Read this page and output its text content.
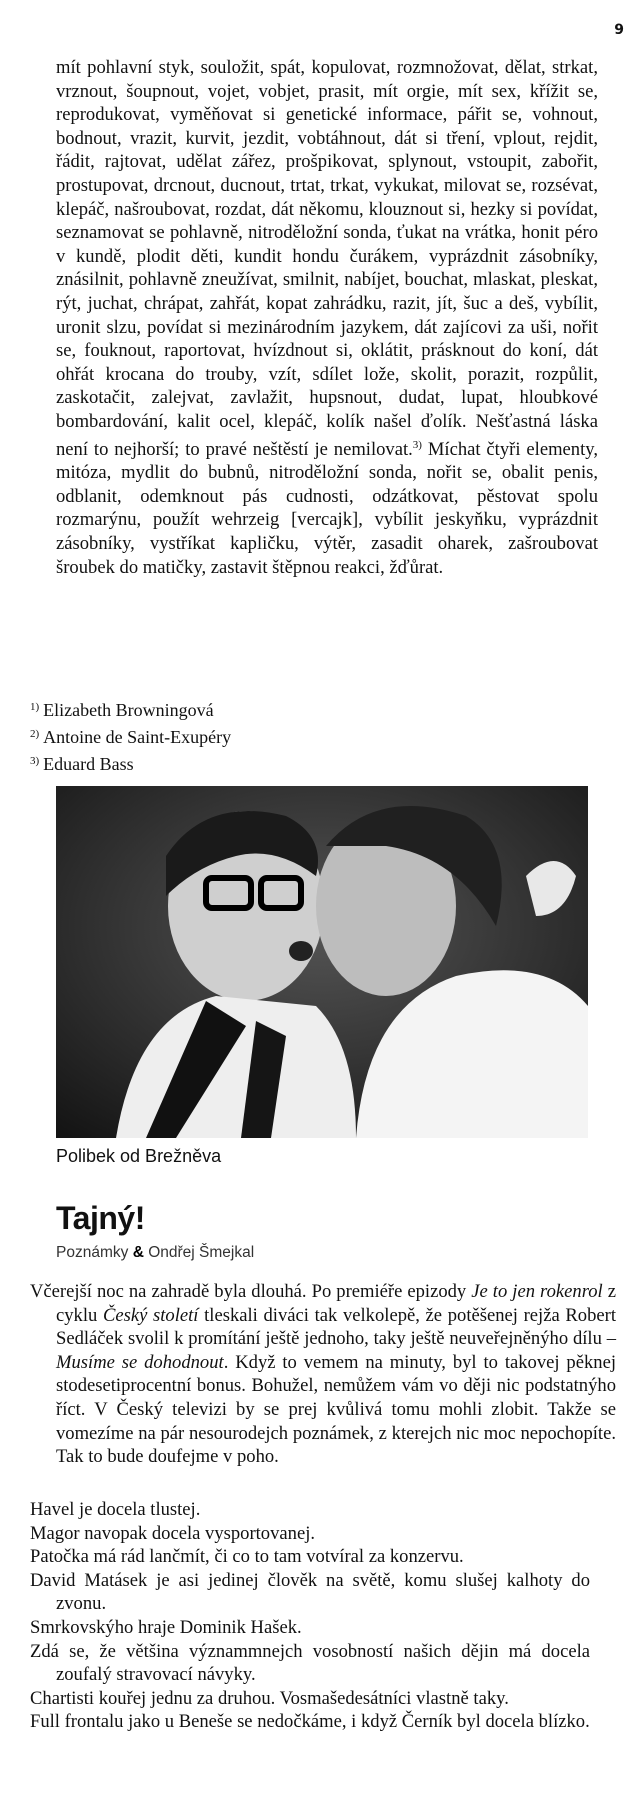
9

mít pohlavní styk, souložit, spát, kopulovat, rozmnožovat, dělat, strkat, vrznout, šoupnout, vojet, vobjet, prasit, mít orgie, mít sex, křížit se, reprodukovat, vyměňovat si genetické informace, pářit se, vohnout, bodnout, vrazit, kurvit, jezdit, vobtáhnout, dát si tření, vplout, rejdit, řádit, rajtovat, udělat zářez, prošpikovat, splynout, vstoupit, zabořit, prostupovat, drcnout, ducnout, trtat, trkat, vykukat, milovat se, rozsévat, klepáč, našroubovat, rozdat, dát někomu, klouznout si, hezky si povídat, seznamovat se pohlavně, nitroděložní sonda, ťukat na vrátka, honit péro v kundě, plodit děti, kundit hondu čurákem, vyprázdnit zásobníky, znásilnit, pohlavně zneužívat, smilnit, nabíjet, bouchat, mlaskat, pleskat, rýt, juchat, chrápat, zahřát, kopat zahrádku, razit, jít, šuc a deš, vybílit, uronit slzu, povídat si mezinárodním jazykem, dát zajícovi za uši, nořit se, fouknout, raportovat, hvízdnout si, oklátit, prásknout do koní, dát ohřát krocana do trouby, vzít, sdílet lože, skolit, porazit, rozpůlit, zaskotačit, zalejvat, zavlažit, hupsnout, dudat, lupat, hloubkové bombardování, kalit ocel, klepáč, kolík našel ďolík. Nešťastná láska není to nejhorší; to pravé neštěstí je nemilovat.$^{3)}$ Míchat čtyři elementy, mitóza, mydlit do bubnů, nitroděložní sonda, nořit se, obalit penis, odblanit, odemknout pás cudnosti, odzátkovat, pěstovat spolu rozmarýnu, použít wehrzeig [vercajk], vybílit jeskyňku, vyprázdnit zásobníky, vystříkat kapličku, výtěr, zasadit oharek, zašroubovat šroubek do matičky, zastavit štěpnou reakci, žďůrat.

$^{1)}$ Elizabeth Browningová
$^{2)}$ Antoine de Saint-Exupéry
$^{3)}$ Eduard Bass
Polibek od Brežněva
Tajný!
Poznámky & Ondřej Šmejkal

Včerejší noc na zahradě byla dlouhá. Po premiéře epizody Je to jen rokenrol z cyklu Český století tleskali diváci tak velkolepě, že potěšenej rejža Robert Sedláček svolil k promítání ještě jednoho, taky ještě neuveřejněnýho dílu – Musíme se dohodnout. Když to vemem na minuty, byl to takovej pěknej stodesetiprocentní bonus. Bohužel, nemůžem vám vo ději nic podstatnýho říct. V Český televizi by se prej kvůlivá tomu mohli zlobit. Takže se vomezíme na pár nesourodejch poznámek, z kterejch nic moc nepochopíte. Tak to bude doufejme v poho.

Havel je docela tlustej.
Magor navopak docela vysportovanej.
Patočka má rád lančmít, či co to tam votvíral za konzervu.
David Matásek je asi jedinej člověk na světě, komu slušej kalhoty do zvonu.
Smrkovskýho hraje Dominik Hašek.
Zdá se, že většina význammnejch vosobností našich dějin má docela zoufalý stravovací návyky.
Chartisti kouřej jednu za druhou. Vosmašedesátníci vlastně taky.
Full frontalu jako u Beneše se nedočkáme, i když Černík byl docela blízko.
